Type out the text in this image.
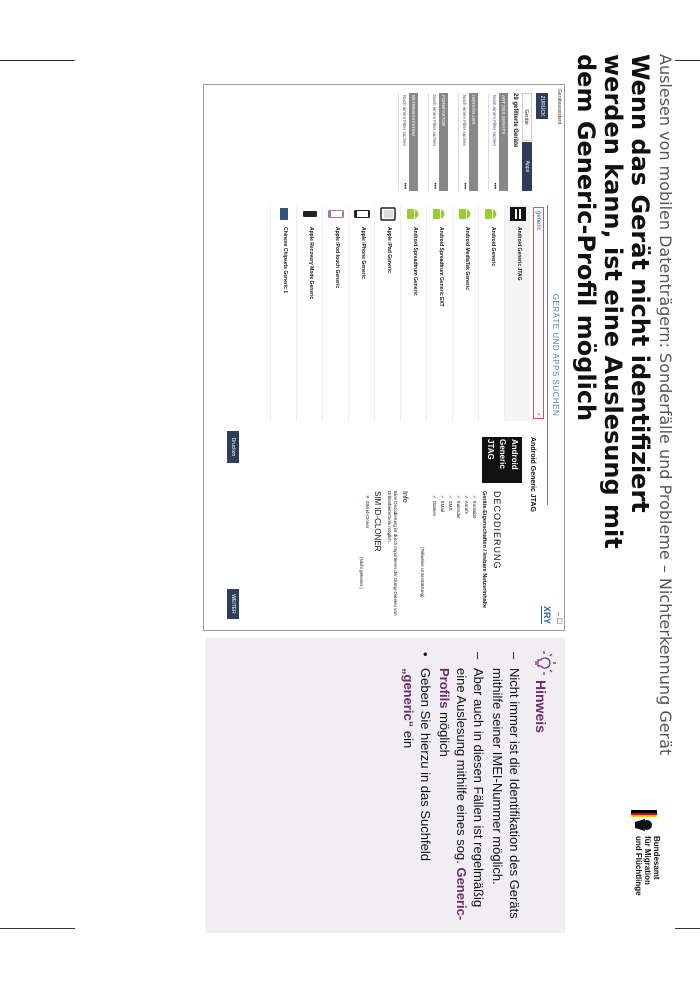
Auslesen von mobilen Datenträgern: Sonderfälle und Probleme – Nichterkennung Gerät
Wenn das Gerät nicht identifiziert werden kann, ist eine Auslesung mit dem Generic-Profil möglich
Bundesamt
für Migration
und Flüchtlinge
Geräteassistent
– ☐
GERÄTE UND APPS SUCHEN
XRY
ZURÜCK
Geräte
Apps
29 gefilterte Geräte
ART DES GERÄTS
Nach einem Filter suchen
•••
HERSTELLER
Nach einem Filter suchen
•••
FORMFAKTOR
Nach einem Filter suchen
•••
BETRIEBSSYSTEM
Nach einem Filter suchen
•••
generic
×
Android Generic JTAG
Android Generic
Android MediaTek Generic
Android Spreadtrum Generic EXT
Android Spreadtrum Generic
Apple iPad Generic
Apple iPhone Generic
Apple iPod touch Generic
Apple Recovery Mode Generic
Chinese Chipsets Generic 1
Android Generic JTAG
Android
Generic
JTAG
DECODIERUNG
Geräte-Eigenschaften / lesbare Nutzerinhalte
✓Kontakte
✓Anrufe
✓Kalender
✓SMS
✓EMail
✓Dateien
(Teilweise Unterstützung)
Info
Eine Decodierung ist durch Importieren der Dump-Dateien von Drittanbietertools möglich.
SIM ID-CLONER
✕SIM id-Cloner
(Nicht getestet.)
Drucken
WEITER
Hinweis
–
Nicht immer ist die Identifikation des Geräts mithilfe seiner IMEI-Nummer möglich.
–
Aber auch in diesen Fällen ist regelmäßig eine Auslesung mithilfe eines sog. Generic-Profils möglich
•
Geben Sie hierzu in das Suchfeld „generic“ ein
